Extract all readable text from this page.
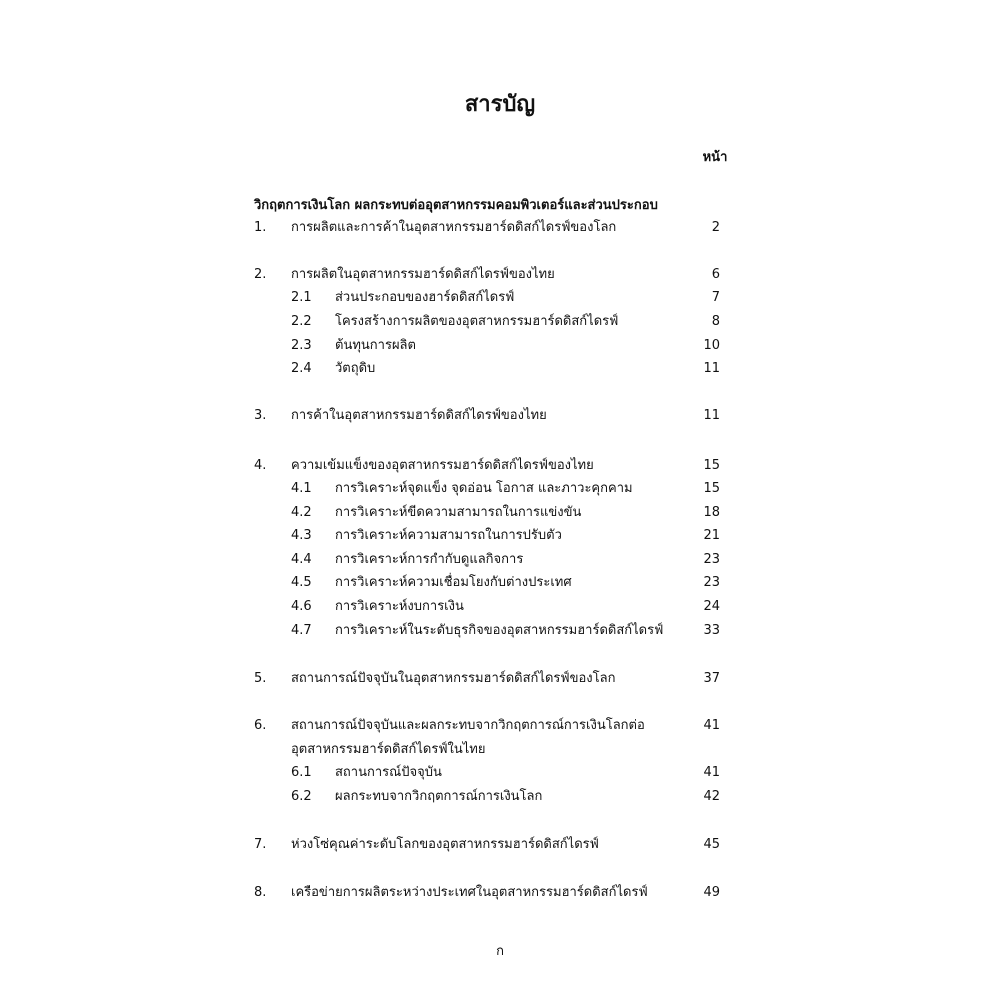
สารบัญ
หน้า
วิกฤตการเงินโลก ผลกระทบต่ออุตสาหกรรมคอมพิวเตอร์และส่วนประกอบ
1. การผลิตและการค้าในอุตสาหกรรมฮาร์ดดิสก์ไดรฟ์ของโลก	2
2. การผลิตในอุตสาหกรรมฮาร์ดดิสก์ไดรฟ์ของไทย	6
2.1 ส่วนประกอบของฮาร์ดดิสก์ไดรฟ์	7
2.2 โครงสร้างการผลิตของอุตสาหกรรมฮาร์ดดิสก์ไดรฟ์	8
2.3 ต้นทุนการผลิต	10
2.4 วัตถุดิบ	11
3. การค้าในอุตสาหกรรมฮาร์ดดิสก์ไดรฟ์ของไทย	11
4. ความเข้มแข็งของอุตสาหกรรมฮาร์ดดิสก์ไดรฟ์ของไทย	15
4.1 การวิเคราะห์จุดแข็ง จุดอ่อน โอกาส และภาวะคุกคาม	15
4.2 การวิเคราะห์ขีดความสามารถในการแข่งขัน	18
4.3 การวิเคราะห์ความสามารถในการปรับตัว	21
4.4 การวิเคราะห์การกำกับดูแลกิจการ	23
4.5 การวิเคราะห์ความเชื่อมโยงกับต่างประเทศ	23
4.6 การวิเคราะห์งบการเงิน	24
4.7 การวิเคราะห์ในระดับธุรกิจของอุตสาหกรรมฮาร์ดดิสก์ไดรฟ์	33
5. สถานการณ์ปัจจุบันในอุตสาหกรรมฮาร์ดดิสก์ไดรฟ์ของโลก	37
6. สถานการณ์ปัจจุบันและผลกระทบจากวิกฤตการณ์การเงินโลกต่อ	41
อุตสาหกรรมฮาร์ดดิสก์ไดรฟ์ในไทย
6.1 สถานการณ์ปัจจุบัน	41
6.2 ผลกระทบจากวิกฤตการณ์การเงินโลก	42
7. ห่วงโซ่คุณค่าระดับโลกของอุตสาหกรรมฮาร์ดดิสก์ไดรฟ์	45
8. เครือข่ายการผลิตระหว่างประเทศในอุตสาหกรรมฮาร์ดดิสก์ไดรฟ์	49
ก
